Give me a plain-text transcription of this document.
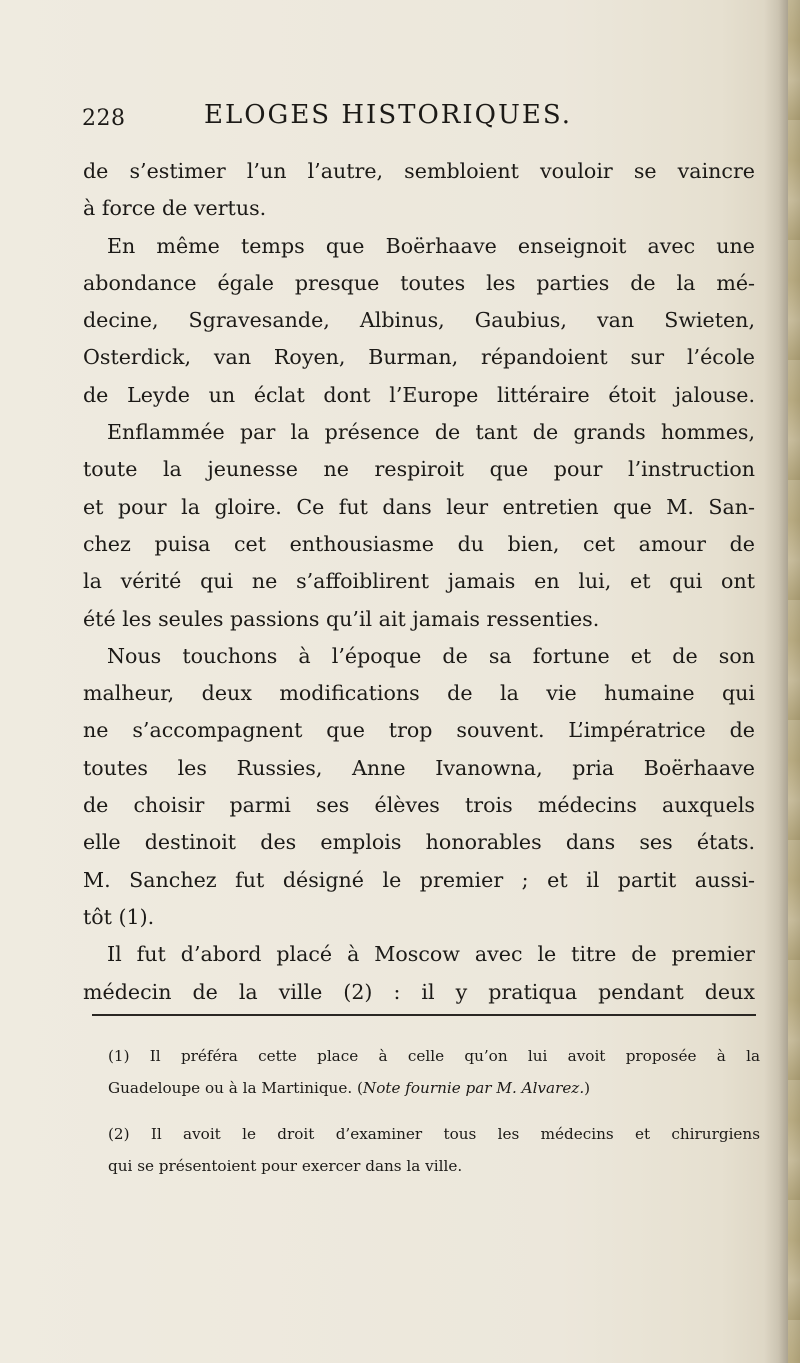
228	ELOGES HISTORIQUES.
de s’estimer l’un l’autre, sembloient vouloir se vaincre
à force de vertus.
En même temps que Boërhaave enseignoit avec une
abondance égale presque toutes les parties de la mé-
decine, Sgravesande, Albinus, Gaubius, van Swieten,
Osterdick, van Royen, Burman, répandoient sur l’école
de Leyde un éclat dont l’Europe littéraire étoit jalouse.
Enflammée par la présence de tant de grands hommes,
toute la jeunesse ne respiroit que pour l’instruction
et pour la gloire. Ce fut dans leur entretien que M. San-
chez puisa cet enthousiasme du bien, cet amour de
la vérité qui ne s’affoiblirent jamais en lui, et qui ont
été les seules passions qu’il ait jamais ressenties.
Nous touchons à l’époque de sa fortune et de son
malheur, deux modifications de la vie humaine qui
ne s’accompagnent que trop souvent. L’impératrice de
toutes les Russies, Anne Ivanowna, pria Boërhaave
de choisir parmi ses élèves trois médecins auxquels
elle destinoit des emplois honorables dans ses états.
M. Sanchez fut désigné le premier ; et il partit aussi-
tôt (1).
Il fut d’abord placé à Moscow avec le titre de premier
médecin de la ville (2) : il y pratiqua pendant deux
(1) Il préféra cette place à celle qu’on lui avoit proposée à la
Guadeloupe ou à la Martinique. (Note fournie par M. Alvarez.)
(2) Il avoit le droit d’examiner tous les médecins et chirurgiens
qui se présentoient pour exercer dans la ville.
